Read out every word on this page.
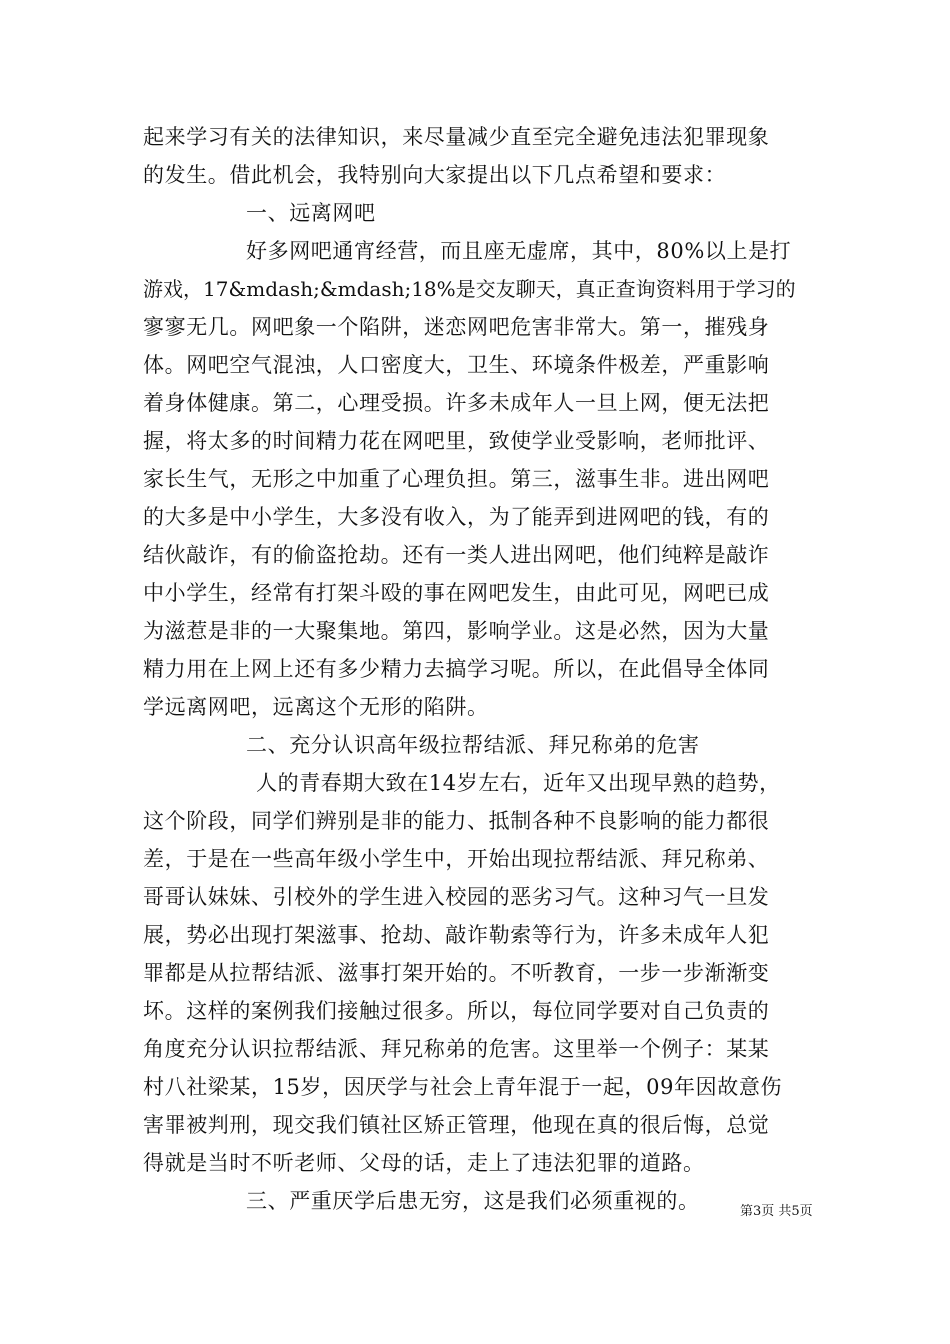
起来学习有关的法律知识，来尽量减少直至完全避免违法犯罪现象
的发生。借此机会，我特别向大家提出以下几点希望和要求：
一、远离网吧
好多网吧通宵经营，而且座无虚席，其中，80%以上是打
游戏，17&mdash;&mdash;18%是交友聊天，真正查询资料用于学习的
寥寥无几。网吧象一个陷阱，迷恋网吧危害非常大。第一，摧残身
体。网吧空气混浊，人口密度大，卫生、环境条件极差，严重影响
着身体健康。第二，心理受损。许多未成年人一旦上网，便无法把
握，将太多的时间精力花在网吧里，致使学业受影响，老师批评、
家长生气，无形之中加重了心理负担。第三，滋事生非。进出网吧
的大多是中小学生，大多没有收入，为了能弄到进网吧的钱，有的
结伙敲诈，有的偷盗抢劫。还有一类人进出网吧，他们纯粹是敲诈
中小学生，经常有打架斗殴的事在网吧发生，由此可见，网吧已成
为滋惹是非的一大聚集地。第四，影响学业。这是必然，因为大量
精力用在上网上还有多少精力去搞学习呢。所以，在此倡导全体同
学远离网吧，远离这个无形的陷阱。
二、充分认识高年级拉帮结派、拜兄称弟的危害
人的青春期大致在14岁左右，近年又出现早熟的趋势，
这个阶段，同学们辨别是非的能力、抵制各种不良影响的能力都很
差，于是在一些高年级小学生中，开始出现拉帮结派、拜兄称弟、
哥哥认妹妹、引校外的学生进入校园的恶劣习气。这种习气一旦发
展，势必出现打架滋事、抢劫、敲诈勒索等行为，许多未成年人犯
罪都是从拉帮结派、滋事打架开始的。不听教育，一步一步渐渐变
坏。这样的案例我们接触过很多。所以，每位同学要对自己负责的
角度充分认识拉帮结派、拜兄称弟的危害。这里举一个例子：某某
村八社梁某，15岁，因厌学与社会上青年混于一起，09年因故意伤
害罪被判刑，现交我们镇社区矫正管理，他现在真的很后悔，总觉
得就是当时不听老师、父母的话，走上了违法犯罪的道路。
三、严重厌学后患无穷，这是我们必须重视的。	第3页 共5页
